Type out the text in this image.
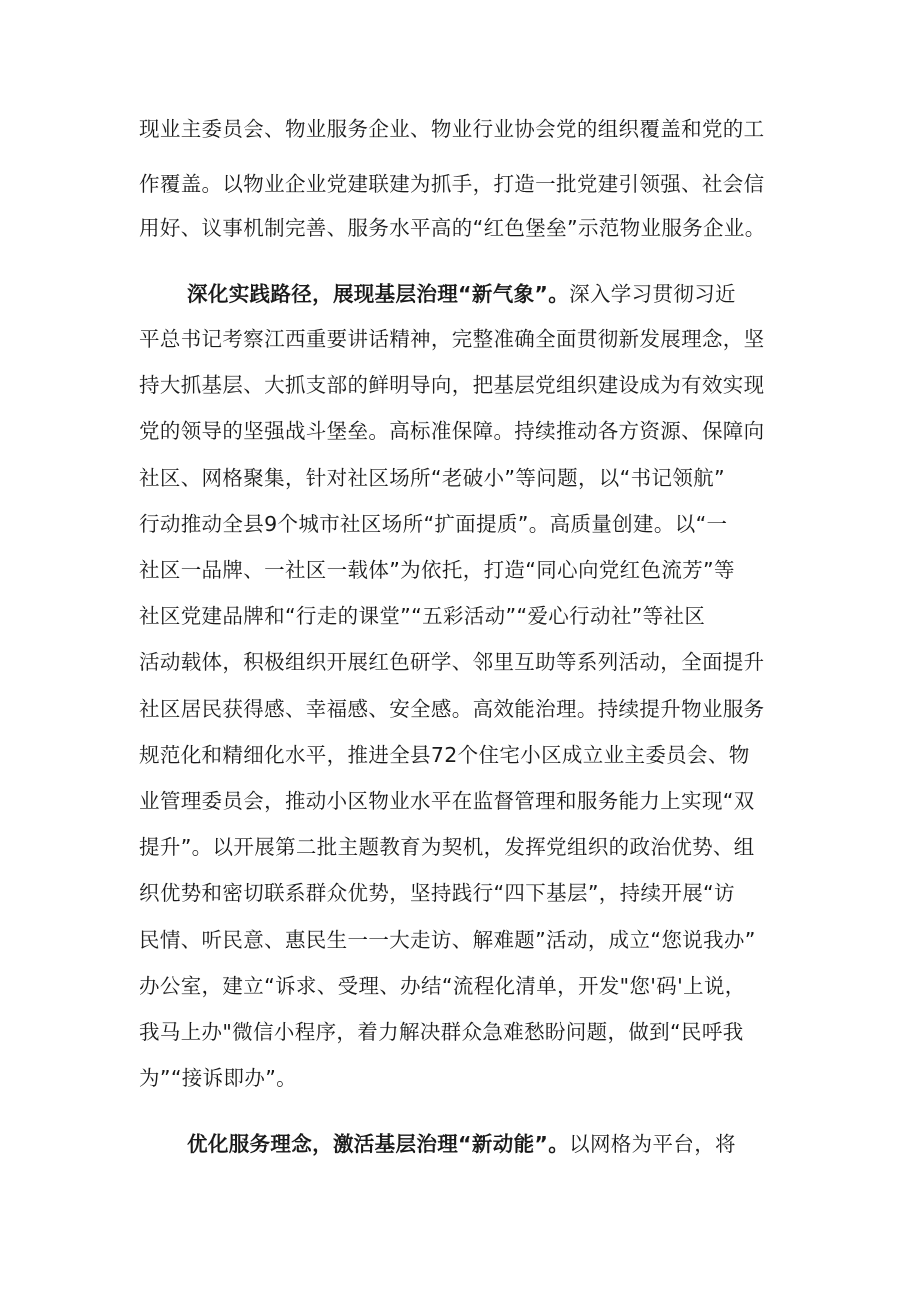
现业主委员会、物业服务企业、物业行业协会党的组织覆盖和党的工
作覆盖。以物业企业党建联建为抓手，打造一批党建引领强、社会信
用好、议事机制完善、服务水平高的“红色堡垒”示范物业服务企业。
深化实践路径，展现基层治理“新气象”。深入学习贯彻习近
平总书记考察江西重要讲话精神，完整准确全面贯彻新发展理念，坚
持大抓基层、大抓支部的鲜明导向，把基层党组织建设成为有效实现
党的领导的坚强战斗堡垒。高标准保障。持续推动各方资源、保障向
社区、网格聚集，针对社区场所“老破小”等问题，以“书记领航”
行动推动全县9个城市社区场所“扩面提质”。高质量创建。以“一
社区一品牌、一社区一载体”为依托，打造“同心向党红色流芳”等
社区党建品牌和“行走的课堂”“五彩活动”“爱心行动社”等社区
活动载体，积极组织开展红色研学、邻里互助等系列活动，全面提升
社区居民获得感、幸福感、安全感。高效能治理。持续提升物业服务
规范化和精细化水平，推进全县72个住宅小区成立业主委员会、物
业管理委员会，推动小区物业水平在监督管理和服务能力上实现“双
提升”。以开展第二批主题教育为契机，发挥党组织的政治优势、组
织优势和密切联系群众优势，坚持践行“四下基层”，持续开展“访
民情、听民意、惠民生一一大走访、解难题”活动，成立“您说我办”
办公室，建立“诉求、受理、办结“流程化清单，开发"您'码'上说，
我马上办"微信小程序，着力解决群众急难愁盼问题，做到“民呼我
为”“接诉即办”。
优化服务理念，激活基层治理“新动能”。以网格为平台，将
